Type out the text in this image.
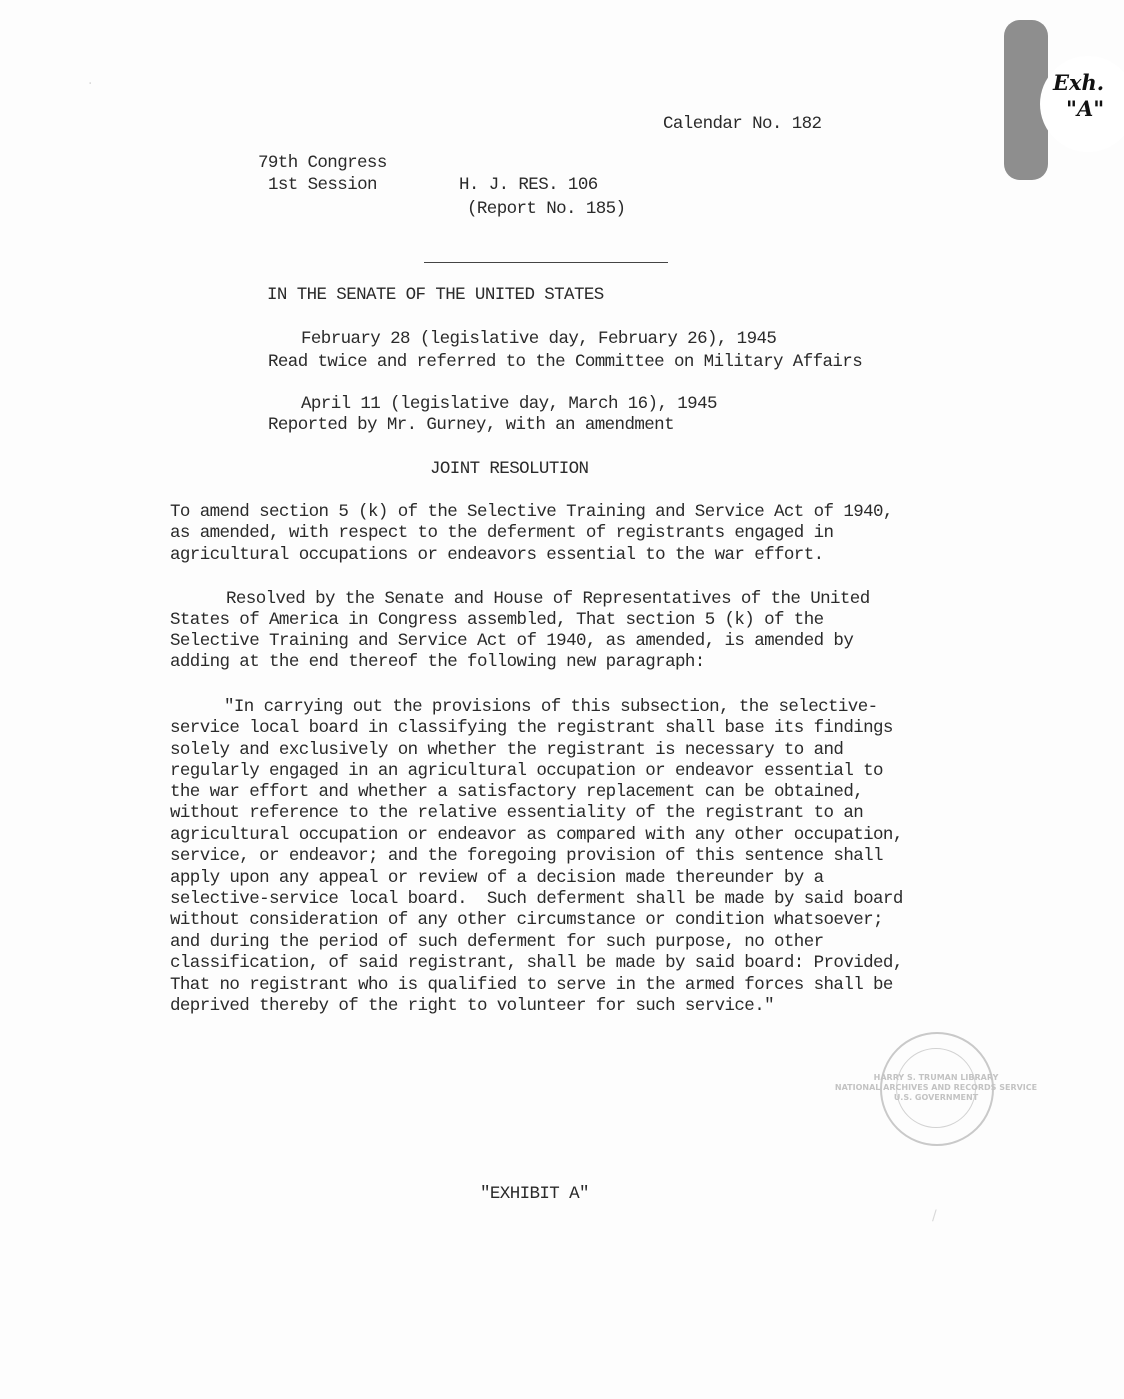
Exh.
"A"
·
Calendar No. 182
79th Congress
1st Session	H. J. RES. 106
(Report No. 185)
IN THE SENATE OF THE UNITED STATES
February 28 (legislative day, February 26), 1945
Read twice and referred to the Committee on Military Affairs
April 11 (legislative day, March 16), 1945
Reported by Mr. Gurney, with an amendment
JOINT RESOLUTION
To amend section 5 (k) of the Selective Training and Service Act of 1940,
as amended, with respect to the deferment of registrants engaged in
agricultural occupations or endeavors essential to the war effort.
Resolved by the Senate and House of Representatives of the United
States of America in Congress assembled, That section 5 (k) of the
Selective Training and Service Act of 1940, as amended, is amended by
adding at the end thereof the following new paragraph:
"In carrying out the provisions of this subsection, the selective-
service local board in classifying the registrant shall base its findings
solely and exclusively on whether the registrant is necessary to and
regularly engaged in an agricultural occupation or endeavor essential to
the war effort and whether a satisfactory replacement can be obtained,
without reference to the relative essentiality of the registrant to an
agricultural occupation or endeavor as compared with any other occupation,
service, or endeavor; and the foregoing provision of this sentence shall
apply upon any appeal or review of a decision made thereunder by a
selective-service local board.  Such deferment shall be made by said board
without consideration of any other circumstance or condition whatsoever;
and during the period of such deferment for such purpose, no other
classification, of said registrant, shall be made by said board: Provided,
That no registrant who is qualified to serve in the armed forces shall be
deprived thereby of the right to volunteer for such service."
HARRY S. TRUMAN LIBRARY
NATIONAL ARCHIVES AND RECORDS SERVICE
U.S. GOVERNMENT
"EXHIBIT A"
/
